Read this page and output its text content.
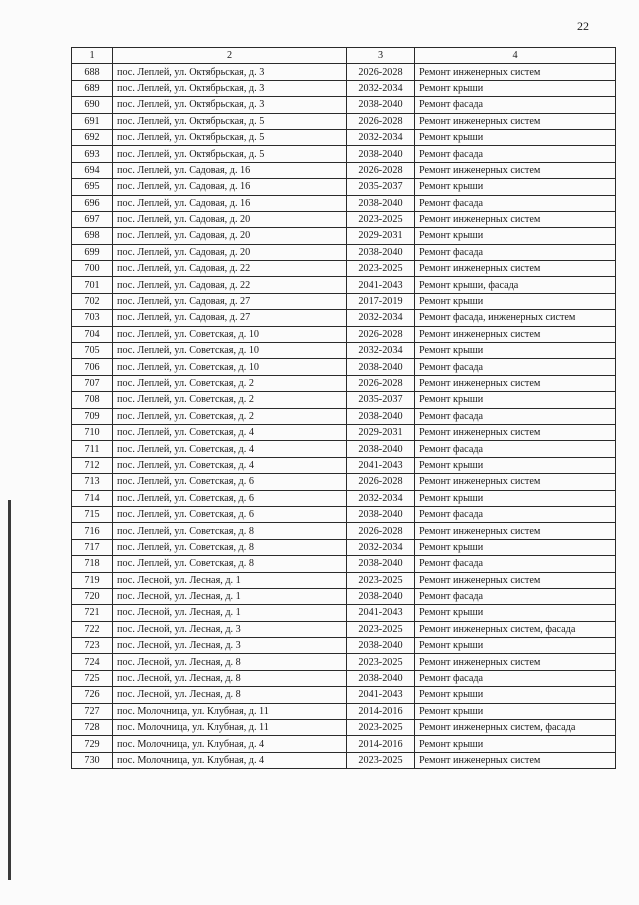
22
1	2	3	4
688	пос. Леплей, ул. Октябрьская, д. 3	2026-2028	Ремонт инженерных систем
689	пос. Леплей, ул. Октябрьская, д. 3	2032-2034	Ремонт крыши
690	пос. Леплей, ул. Октябрьская, д. 3	2038-2040	Ремонт фасада
691	пос. Леплей, ул. Октябрьская, д. 5	2026-2028	Ремонт инженерных систем
692	пос. Леплей, ул. Октябрьская, д. 5	2032-2034	Ремонт крыши
693	пос. Леплей, ул. Октябрьская, д. 5	2038-2040	Ремонт фасада
694	пос. Леплей, ул. Садовая, д. 16	2026-2028	Ремонт инженерных систем
695	пос. Леплей, ул. Садовая, д. 16	2035-2037	Ремонт крыши
696	пос. Леплей, ул. Садовая, д. 16	2038-2040	Ремонт фасада
697	пос. Леплей, ул. Садовая, д. 20	2023-2025	Ремонт инженерных систем
698	пос. Леплей, ул. Садовая, д. 20	2029-2031	Ремонт крыши
699	пос. Леплей, ул. Садовая, д. 20	2038-2040	Ремонт фасада
700	пос. Леплей, ул. Садовая, д. 22	2023-2025	Ремонт инженерных систем
701	пос. Леплей, ул. Садовая, д. 22	2041-2043	Ремонт крыши, фасада
702	пос. Леплей, ул. Садовая, д. 27	2017-2019	Ремонт крыши
703	пос. Леплей, ул. Садовая, д. 27	2032-2034	Ремонт фасада, инженерных систем
704	пос. Леплей, ул. Советская, д. 10	2026-2028	Ремонт инженерных систем
705	пос. Леплей, ул. Советская, д. 10	2032-2034	Ремонт крыши
706	пос. Леплей, ул. Советская, д. 10	2038-2040	Ремонт фасада
707	пос. Леплей, ул. Советская, д. 2	2026-2028	Ремонт инженерных систем
708	пос. Леплей, ул. Советская, д. 2	2035-2037	Ремонт крыши
709	пос. Леплей, ул. Советская, д. 2	2038-2040	Ремонт фасада
710	пос. Леплей, ул. Советская, д. 4	2029-2031	Ремонт инженерных систем
711	пос. Леплей, ул. Советская, д. 4	2038-2040	Ремонт фасада
712	пос. Леплей, ул. Советская, д. 4	2041-2043	Ремонт крыши
713	пос. Леплей, ул. Советская, д. 6	2026-2028	Ремонт инженерных систем
714	пос. Леплей, ул. Советская, д. 6	2032-2034	Ремонт крыши
715	пос. Леплей, ул. Советская, д. 6	2038-2040	Ремонт фасада
716	пос. Леплей, ул. Советская, д. 8	2026-2028	Ремонт инженерных систем
717	пос. Леплей, ул. Советская, д. 8	2032-2034	Ремонт крыши
718	пос. Леплей, ул. Советская, д. 8	2038-2040	Ремонт фасада
719	пос. Лесной, ул. Лесная, д. 1	2023-2025	Ремонт инженерных систем
720	пос. Лесной, ул. Лесная, д. 1	2038-2040	Ремонт фасада
721	пос. Лесной, ул. Лесная, д. 1	2041-2043	Ремонт крыши
722	пос. Лесной, ул. Лесная, д. 3	2023-2025	Ремонт инженерных систем, фасада
723	пос. Лесной, ул. Лесная, д. 3	2038-2040	Ремонт крыши
724	пос. Лесной, ул. Лесная, д. 8	2023-2025	Ремонт инженерных систем
725	пос. Лесной, ул. Лесная, д. 8	2038-2040	Ремонт фасада
726	пос. Лесной, ул. Лесная, д. 8	2041-2043	Ремонт крыши
727	пос. Молочница, ул. Клубная, д. 11	2014-2016	Ремонт крыши
728	пос. Молочница, ул. Клубная, д. 11	2023-2025	Ремонт инженерных систем, фасада
729	пос. Молочница, ул. Клубная, д. 4	2014-2016	Ремонт крыши
730	пос. Молочница, ул. Клубная, д. 4	2023-2025	Ремонт инженерных систем
